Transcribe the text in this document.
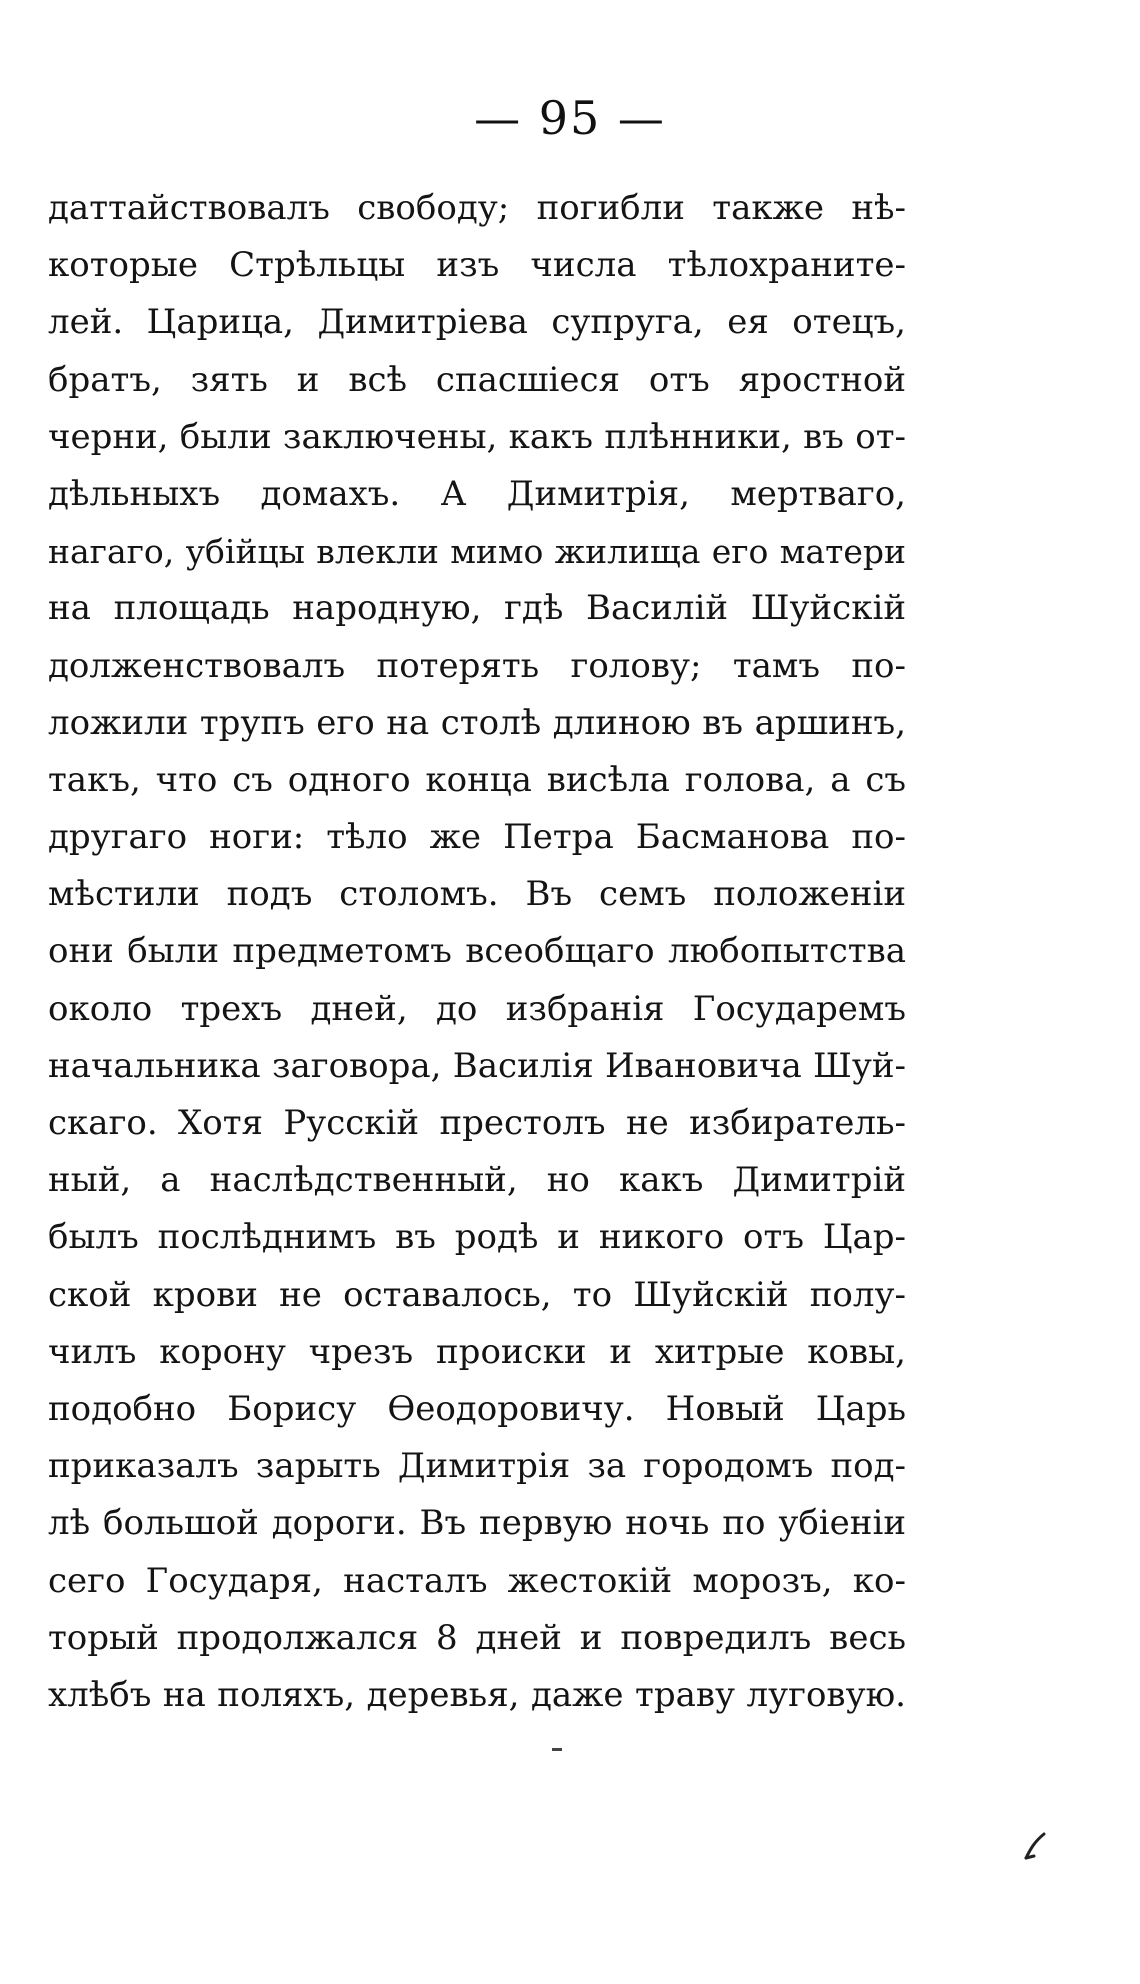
— 95 —
даттайствовалъ свободу; погибли также нѣ-
которые Стрѣльцы изъ числа тѣлохраните-
лей. Царица, Димитріева супруга, ея отецъ,
братъ, зять и всѣ спасшіеся отъ яростной
черни, были заключены, какъ плѣнники, въ от-
дѣльныхъ домахъ. А Димитрія, мертваго,
нагаго, убійцы влекли мимо жилища его матери
на площадь народную, гдѣ Василій Шуйскій
долженствовалъ потерять голову; тамъ по-
ложили трупъ его на столѣ длиною въ аршинъ,
такъ, что съ одного конца висѣла голова, а съ
другаго ноги: тѣло же Петра Басманова по-
мѣстили подъ столомъ. Въ семъ положеніи
они были предметомъ всеобщаго любопытства
около трехъ дней, до избранія Государемъ
начальника заговора, Василія Ивановича Шуй-
скаго. Хотя Русскій престолъ не избиратель-
ный, а наслѣдственный, но какъ Димитрій
былъ послѣднимъ въ родѣ и никого отъ Цар-
ской крови не оставалось, то Шуйскій полу-
чилъ корону чрезъ происки и хитрые ковы,
подобно Борису Ѳеодоровичу. Новый Царь
приказалъ зарыть Димитрія за городомъ под-
лѣ большой дороги. Въ первую ночь по убіеніи
сего Государя, насталъ жестокій морозъ, ко-
торый продолжался 8 дней и повредилъ весь
хлѣбъ на поляхъ, деревья, даже траву луговую.
